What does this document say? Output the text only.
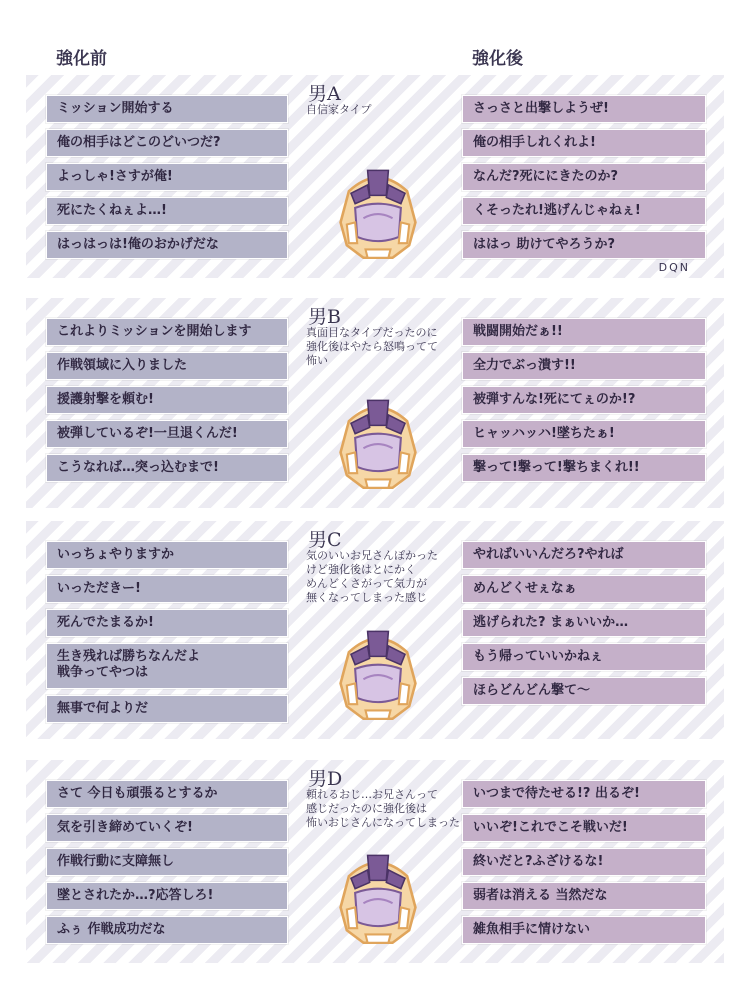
強化前	強化後
ミッション開始する
俺の相手はどこのどいつだ?
よっしゃ!さすが俺!
死にたくねぇよ…!
はっはっは!俺のおかげだな
さっさと出撃しようぜ!
俺の相手しれくれよ!
なんだ?死ににきたのか?
くそったれ!逃げんじゃねぇ!
ははっ 助けてやろうか?
男A
自信家タイプ
DQN
これよりミッションを開始します
作戦領域に入りました
援護射撃を頼む!
被弾しているぞ!一旦退くんだ!
こうなれば…突っ込むまで!
戦闘開始だぁ!!
全力でぶっ潰す!!
被弾すんな!死にてぇのか!?
ヒャッハッハ!墜ちたぁ!
撃って!撃って!撃ちまくれ!!
男B
真面目なタイプだったのに
強化後はやたら怒鳴ってて
怖い
いっちょやりますか
いっただきー!
死んでたまるか!
生き残れば勝ちなんだよ
戦争ってやつは
無事で何よりだ
やればいいんだろ?やれば
めんどくせぇなぁ
逃げられた? まぁいいか…
もう帰っていいかねぇ
ほらどんどん撃て〜
男C
気のいいお兄さんぽかった
けど強化後はとにかく
めんどくさがって気力が
無くなってしまった感じ
さて 今日も頑張るとするか
気を引き締めていくぞ!
作戦行動に支障無し
墜とされたか…?応答しろ!
ふぅ 作戦成功だな
いつまで待たせる!? 出るぞ!
いいぞ!これでこそ戦いだ!
終いだと?ふざけるな!
弱者は消える 当然だな
雑魚相手に情けない
男D
頼れるおじ…お兄さんって
感じだったのに強化後は
怖いおじさんになってしまった
